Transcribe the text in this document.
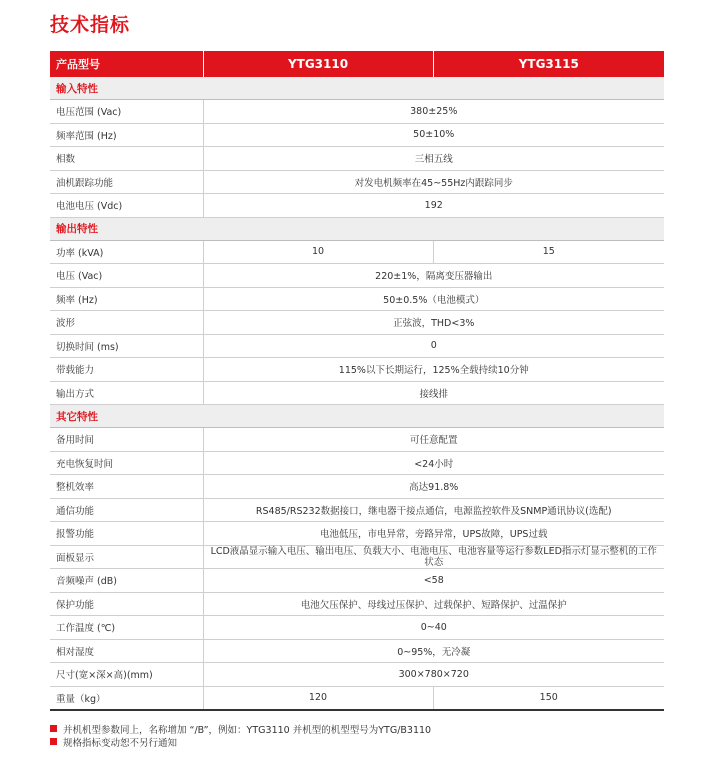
技术指标
产品型号	YTG3110	YTG3115
输入特性		
电压范围 (Vac)	380±25%	
频率范围 (Hz)	50±10%	
相数	三相五线	
油机跟踪功能	对发电机频率在45~55Hz内跟踪同步	
电池电压 (Vdc)	192	
输出特性		
功率 (kVA)	10	15
电压 (Vac)	220±1%，隔离变压器输出	
频率 (Hz)	50±0.5%（电池模式）	
波形	正弦波，THD<3%	
切换时间 (ms)	0	
带载能力	115%以下长期运行，125%全载持续10分钟	
输出方式	接线排	
其它特性		
备用时间	可任意配置	
充电恢复时间	<24小时	
整机效率	高达91.8%	
通信功能	RS485/RS232数据接口，继电器干接点通信，电源监控软件及SNMP通讯协议(选配)	
报警功能	电池低压，市电异常，旁路异常，UPS故障，UPS过载	
面板显示	LCD液晶显示输入电压、输出电压、负载大小、电池电压、电池容量等运行参数LED指示灯显示整机的工作状态	
音频噪声 (dB)	<58	
保护功能	电池欠压保护、母线过压保护、过载保护、短路保护、过温保护	
工作温度 (℃)	0~40	
相对湿度	0~95%，无冷凝	
尺寸(宽×深×高)(mm)	300×780×720	
重量（kg）	120	150
并机机型参数同上，名称增加 “/B”，例如：YTG3110 并机型的机型型号为YTG/B3110
规格指标变动恕不另行通知
